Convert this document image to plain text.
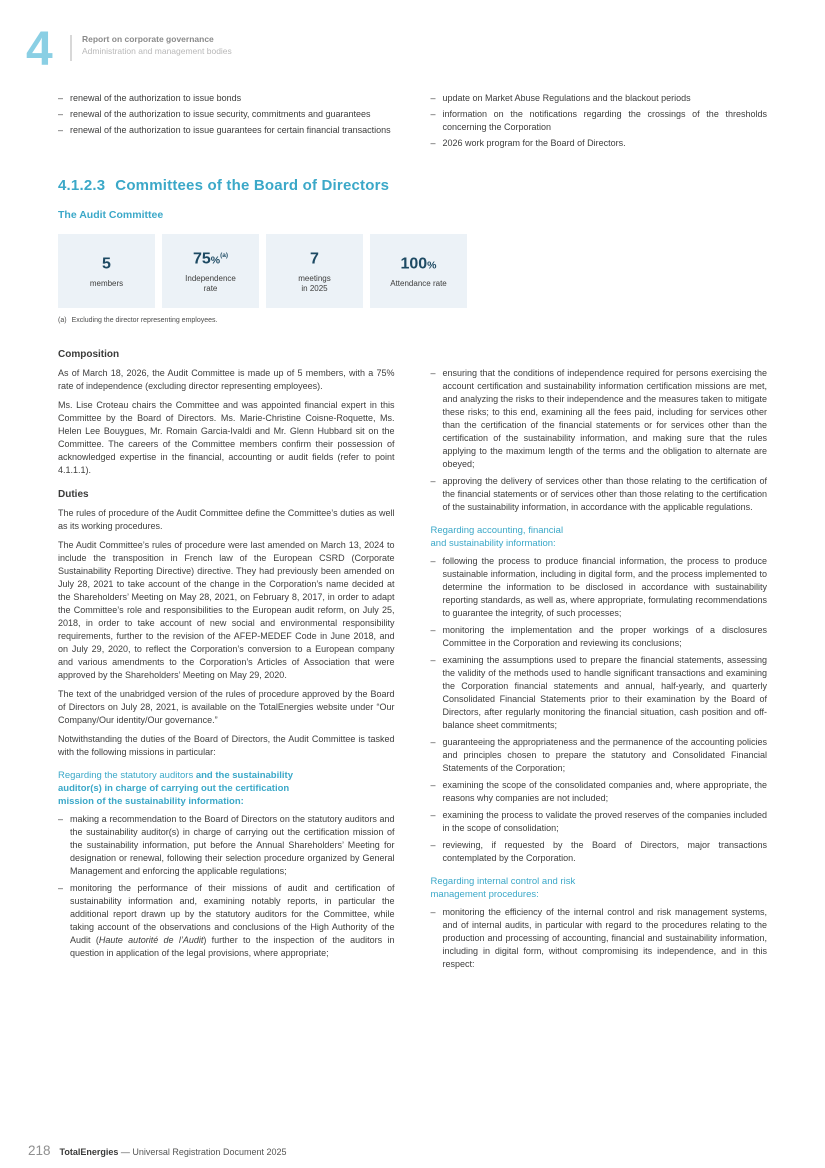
4	Report on corporate governance
Administration and management bodies
– renewal of the authorization to issue bonds
– renewal of the authorization to issue security, commitments and guarantees
– renewal of the authorization to issue guarantees for certain financial transactions
– update on Market Abuse Regulations and the blackout periods
– information on the notifications regarding the crossings of the thresholds concerning the Corporation
– 2026 work program for the Board of Directors.
4.1.2.3 Committees of the Board of Directors
The Audit Committee
5
members
75%$^{(a)}$
Independence
rate
7
meetings
in 2025
100%
Attendance rate
(a) Excluding the director representing employees.
Composition

As of March 18, 2026, the Audit Committee is made up of 5 members, with a 75% rate of independence (excluding director representing employees).

Ms. Lise Croteau chairs the Committee and was appointed financial expert in this Committee by the Board of Directors. Ms. Marie-Christine Coisne-Roquette, Ms. Helen Lee Bouygues, Mr. Romain Garcia-Ivaldi and Mr. Glenn Hubbard sit on the Committee. The careers of the Committee members confirm their possession of acknowledged expertise in the financial, accounting or audit fields (refer to point 4.1.1.1).

Duties

The rules of procedure of the Audit Committee define the Committee’s duties as well as its working procedures.

The Audit Committee’s rules of procedure were last amended on March 13, 2024 to include the transposition in French law of the European CSRD (Corporate Sustainability Reporting Directive) directive. They had previously been amended on July 28, 2021 to take account of the change in the Corporation’s name decided at the Shareholders’ Meeting on May 28, 2021, on February 8, 2017, in order to adapt the Committee’s role and responsibilities to the European audit reform, on July 25, 2018, in order to take account of new social and environmental responsibility requirements, further to the revision of the AFEP-MEDEF Code in June 2018, and on July 29, 2020, to reflect the Corporation’s conversion to a European company and various amendments to the Corporation’s Articles of Association that were approved by the Shareholders’ Meeting on May 29, 2020.

The text of the unabridged version of the rules of procedure approved by the Board of Directors on July 28, 2021, is available on the TotalEnergies website under “Our Company/Our identity/Our governance.”

Notwithstanding the duties of the Board of Directors, the Audit Committee is tasked with the following missions in particular:

Regarding the statutory auditors and the sustainability
auditor(s) in charge of carrying out the certification
mission of the sustainability information:
– making a recommendation to the Board of Directors on the statutory auditors and the sustainability auditor(s) in charge of carrying out the certification mission of the sustainability information, put before the Annual Shareholders’ Meeting for designation or renewal, following their selection procedure organized by General Management and enforcing the applicable regulations;
– monitoring the performance of their missions of audit and certification of sustainability information and, examining notably reports, in particular the additional report drawn up by the statutory auditors for the Committee, while taking account of the observations and conclusions of the High Authority of the Audit (Haute autorité de l’Audit) further to the inspection of the auditors in question in application of the legal provisions, where appropriate;
– ensuring that the conditions of independence required for persons exercising the account certification and sustainability information certification missions are met, and analyzing the risks to their independence and the measures taken to mitigate these risks; to this end, examining all the fees paid, including for services other than the certification of the financial statements or for services other than the certification of the sustainability information, and making sure that the rules applying to the maximum length of the terms and the obligation to alternate are obeyed;
– approving the delivery of services other than those relating to the certification of the financial statements or of services other than those relating to the certification of the sustainability information, in accordance with the applicable regulations.
Regarding accounting, financial
and sustainability information:
– following the process to produce financial information, the process to produce sustainable information, including in digital form, and the process implemented to determine the information to be disclosed in accordance with sustainability reporting standards, as well as, where appropriate, formulating recommendations to guarantee the integrity, of such processes;
– monitoring the implementation and the proper workings of a disclosures Committee in the Corporation and reviewing its conclusions;
– examining the assumptions used to prepare the financial statements, assessing the validity of the methods used to handle significant transactions and examining the Corporation financial statements and annual, half-yearly, and quarterly Consolidated Financial Statements prior to their examination by the Board of Directors, after regularly monitoring the financial situation, cash position and off-balance sheet commitments;
– guaranteeing the appropriateness and the permanence of the accounting policies and principles chosen to prepare the statutory and Consolidated Financial Statements of the Corporation;
– examining the scope of the consolidated companies and, where appropriate, the reasons why companies are not included;
– examining the process to validate the proved reserves of the companies included in the scope of consolidation;
– reviewing, if requested by the Board of Directors, major transactions contemplated by the Corporation.
Regarding internal control and risk
management procedures:
– monitoring the efficiency of the internal control and risk management systems, and of internal audits, in particular with regard to the procedures relating to the production and processing of accounting, financial and sustainability information, including in digital form, without compromising its independence, and in this respect:
218 TotalEnergies — Universal Registration Document 2025
